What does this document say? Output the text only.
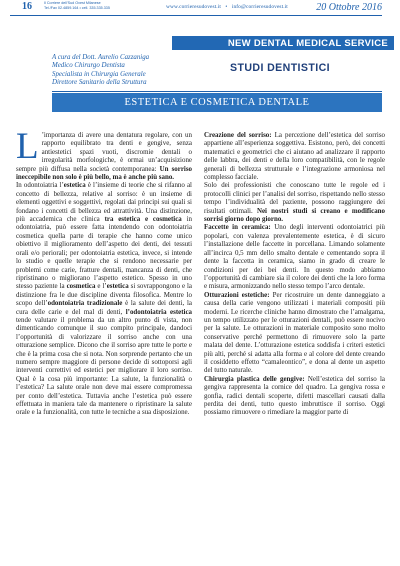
16	Il Corriere dell'Sud Ovest Milanese
Tel./Fax 02.4859.164 • cell. 335.335.335	www.corrieresudovest.it • info@corrieresudovest.it	20 Ottobre 2016
NEW DENTAL MEDICAL SERVICE
A cura del Dott. Aurelio Cazzaniga
Medico Chirurgo Dentista
Specialista in Chirurgia Generale
Direttore Sanitario della Struttura
STUDI DENTISTICI
ESTETICA E COSMETICA DENTALE

L ’importanza di avere una dentatura regolare, con un rapporto equilibrato tra denti e gengive, senza antiestetici spazi vuoti, discromie dentali o irregolarità morfologiche, è ormai un’acquisizione sempre più diffusa nella società contemporanea: Un sorriso ineccepibile non solo è più bello, ma è anche più sano.

In odontoiatria l’estetica è l’insieme di teorie che si rifanno al concetto di bellezza, relative al sorriso: è un insieme di elementi oggettivi e soggettivi, regolati dai principi sui quali si fondano i concetti di bellezza ed attrattività. Una distinzione, più accademica che clinica tra estetica e cosmetica in odontoiatria, può essere fatta intendendo con odontoiatria cosmetica quella parte di terapie che hanno come unico obiettivo il miglioramento dell’aspetto dei denti, dei tessuti orali e/o periorali; per odontoiatria estetica, invece, si intende lo studio e quelle terapie che si rendono necessarie per problemi come carie, fratture dentali, mancanza di denti, che ripristinano o migliorano l’aspetto estetico. Spesso in uno stesso paziente la cosmetica e l’estetica si sovrappongono e la distinzione fra le due discipline diventa filosofica. Mentre lo scopo dell’odontoiatria tradizionale è la salute dei denti, la cura delle carie e del mal di denti, l’odontoiatria estetica tende valutare il problema da un altro punto di vista, non dimenticando comunque il suo compito principale, dandoci l’opportunità di valorizzare il sorriso anche con una otturazione semplice. Dicono che il sorriso apre tutte le porte e che è la prima cosa che si nota. Non sorprende pertanto che un numero sempre maggiore di persone decide di sottoporsi agli interventi correttivi ed estetici per migliorare il loro sorriso. Qual è la cosa più importante: La salute, la funzionalità o l’estetica? La salute orale non deve mai essere compromessa per conto dell’estetica. Tuttavia anche l’estetica può essere effettuata in maniera tale da mantenere o ripristinare la salute orale e la funzionalità, con tutte le tecniche a sua disposizione.

Creazione del sorriso: La percezione dell’estetica del sorriso appartiene all’esperienza soggettiva. Esistono, però, dei concetti matematici e geometrici che ci aiutano ad analizzare il rapporto delle labbra, dei denti e della loro compatibilità, con le regole generali di bellezza strutturale e l’integrazione armoniosa nel complesso facciale.

Solo dei professionisti che conoscano tutte le regole ed i protocolli clinici per l’analisi del sorriso, rispettando nello stesso tempo l’individualità del paziente, possono raggiungere dei risultati ottimali. Nei nostri studi si creano e modificano sorrisi giorno dopo giorno.

Faccette in ceramica: Uno degli interventi odontoiatrici più popolari, con valenza prevalentemente estetica, è di sicuro l’installazione delle faccette in porcellana. Limando solamente all’incirca 0,5 mm dello smalto dentale e cementando sopra il dente la faccetta in ceramica, siamo in grado di creare le condizioni per dei bei denti. In questo modo abbiamo l’opportunità di cambiare sia il colore dei denti che la loro forma e misura, armonizzando nello stesso tempo l’arco dentale.

Otturazioni estetiche: Per ricostruire un dente danneggiato a causa della carie vengono utilizzati i materiali compositi più moderni. Le ricerche cliniche hanno dimostrato che l’amalgama, un tempo utilizzato per le otturazioni dentali, può essere nocivo per la salute. Le otturazioni in materiale composito sono molto conservative perché permettono di rimuovere solo la parte malata del dente. L’otturazione estetica soddisfa i criteri estetici più alti, perché si adatta alla forma e al colore del dente creando il cosiddetto effetto “camaleontico”, e dona al dente un aspetto del tutto naturale.

Chirurgia plastica delle gengive: Nell’estetica del sorriso la gengiva rappresenta la cornice del quadro. La gengiva rossa e gonfia, radici dentali scoperte, difetti mascellari causati dalla perdita dei denti, tutto questo imbruttisce il sorriso. Oggi possiamo rimuovere o rimediare la maggior parte di
